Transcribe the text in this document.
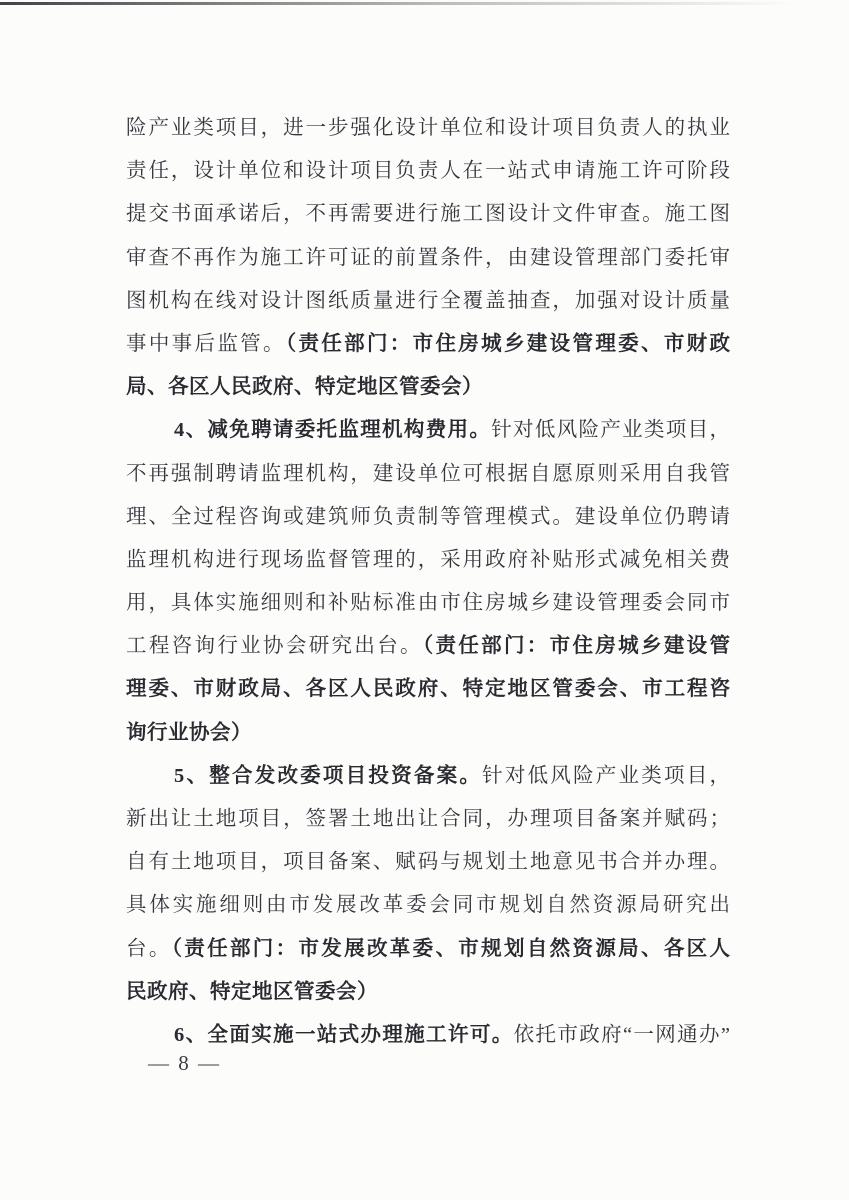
险产业类项目，进一步强化设计单位和设计项目负责人的执业
责任，设计单位和设计项目负责人在一站式申请施工许可阶段
提交书面承诺后，不再需要进行施工图设计文件审查。施工图
审查不再作为施工许可证的前置条件，由建设管理部门委托审
图机构在线对设计图纸质量进行全覆盖抽查，加强对设计质量
事中事后监管。（责任部门：市住房城乡建设管理委、市财政
局、各区人民政府、特定地区管委会）
4、减免聘请委托监理机构费用。针对低风险产业类项目，
不再强制聘请监理机构，建设单位可根据自愿原则采用自我管
理、全过程咨询或建筑师负责制等管理模式。建设单位仍聘请
监理机构进行现场监督管理的，采用政府补贴形式减免相关费
用，具体实施细则和补贴标准由市住房城乡建设管理委会同市
工程咨询行业协会研究出台。（责任部门：市住房城乡建设管
理委、市财政局、各区人民政府、特定地区管委会、市工程咨
询行业协会）
5、整合发改委项目投资备案。针对低风险产业类项目，
新出让土地项目，签署土地出让合同，办理项目备案并赋码；
自有土地项目，项目备案、赋码与规划土地意见书合并办理。
具体实施细则由市发展改革委会同市规划自然资源局研究出
台。（责任部门：市发展改革委、市规划自然资源局、各区人
民政府、特定地区管委会）
6、全面实施一站式办理施工许可。依托市政府“一网通办”
— 8 —
